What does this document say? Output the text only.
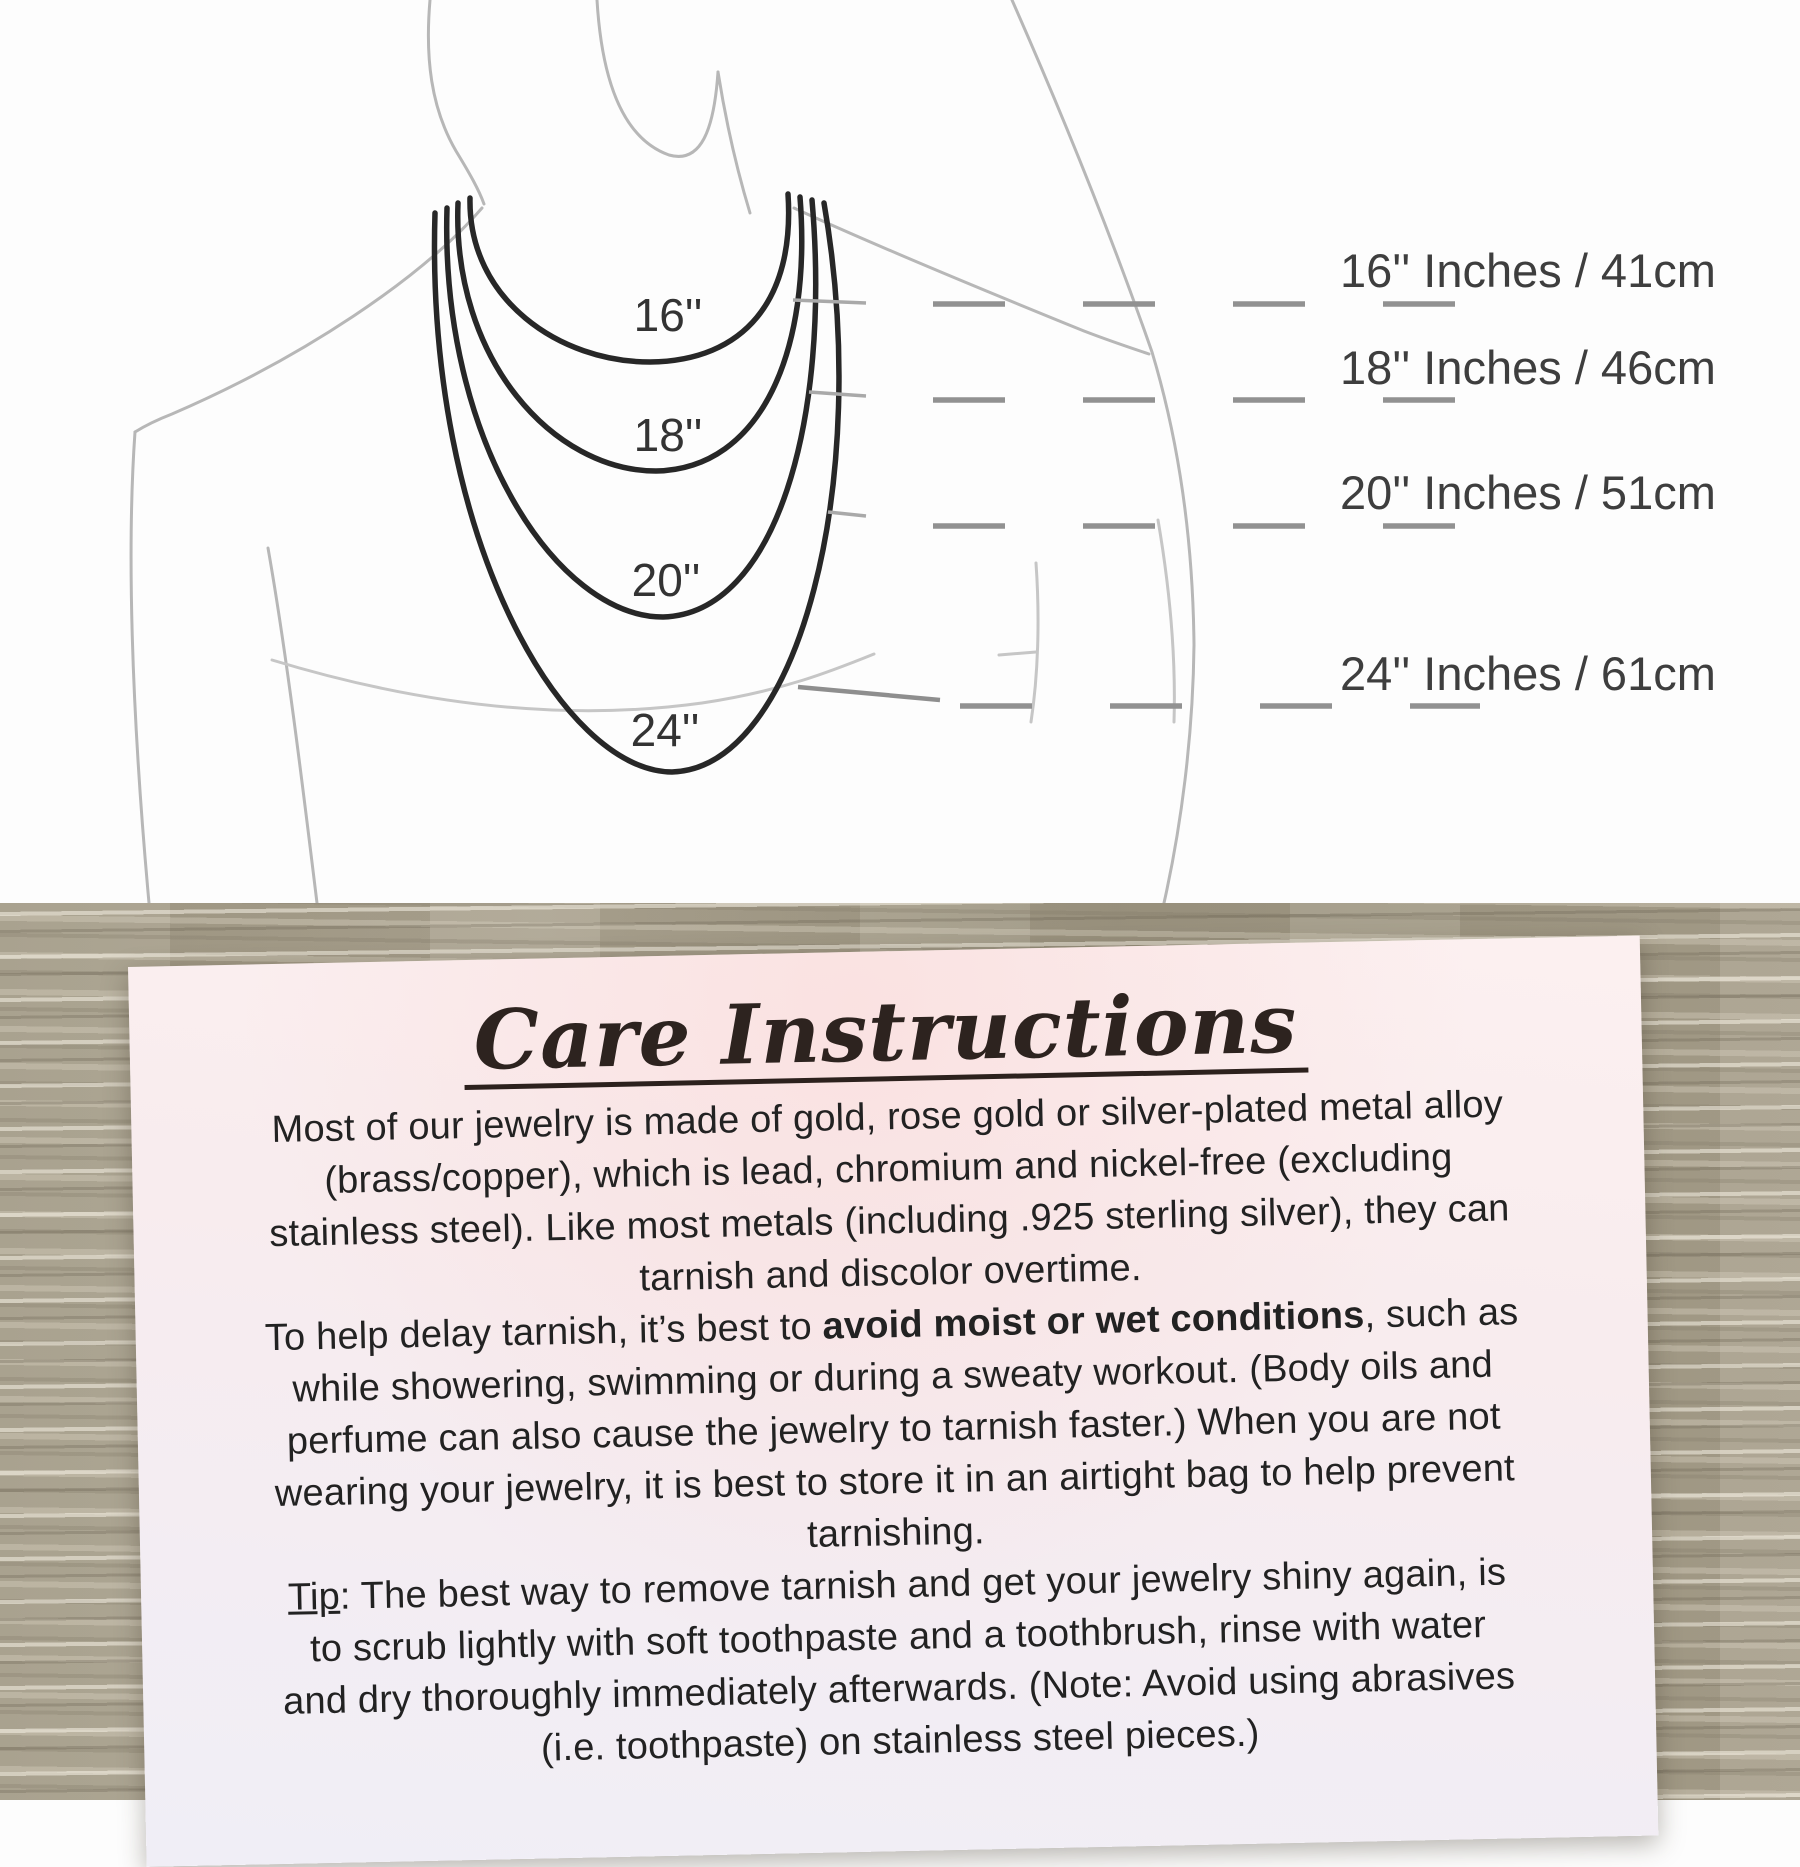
16''
18''
20''
24''
16'' Inches / 41cm
18'' Inches / 46cm
20'' Inches / 51cm
24'' Inches / 61cm
Care Instructions

Most of our jewelry is made of gold, rose gold or silver-plated metal alloy
(brass/copper), which is lead, chromium and nickel-free (excluding
stainless steel). Like most metals (including .925 sterling silver), they can
tarnish and discolor overtime.

To help delay tarnish, it’s best to avoid moist or wet conditions, such as
while showering, swimming or during a sweaty workout. (Body oils and
perfume can also cause the jewelry to tarnish faster.) When you are not
wearing your jewelry, it is best to store it in an airtight bag to help prevent
tarnishing.

Tip: The best way to remove tarnish and get your jewelry shiny again, is
to scrub lightly with soft toothpaste and a toothbrush, rinse with water
and dry thoroughly immediately afterwards. (Note: Avoid using abrasives
(i.e. toothpaste) on stainless steel pieces.)
